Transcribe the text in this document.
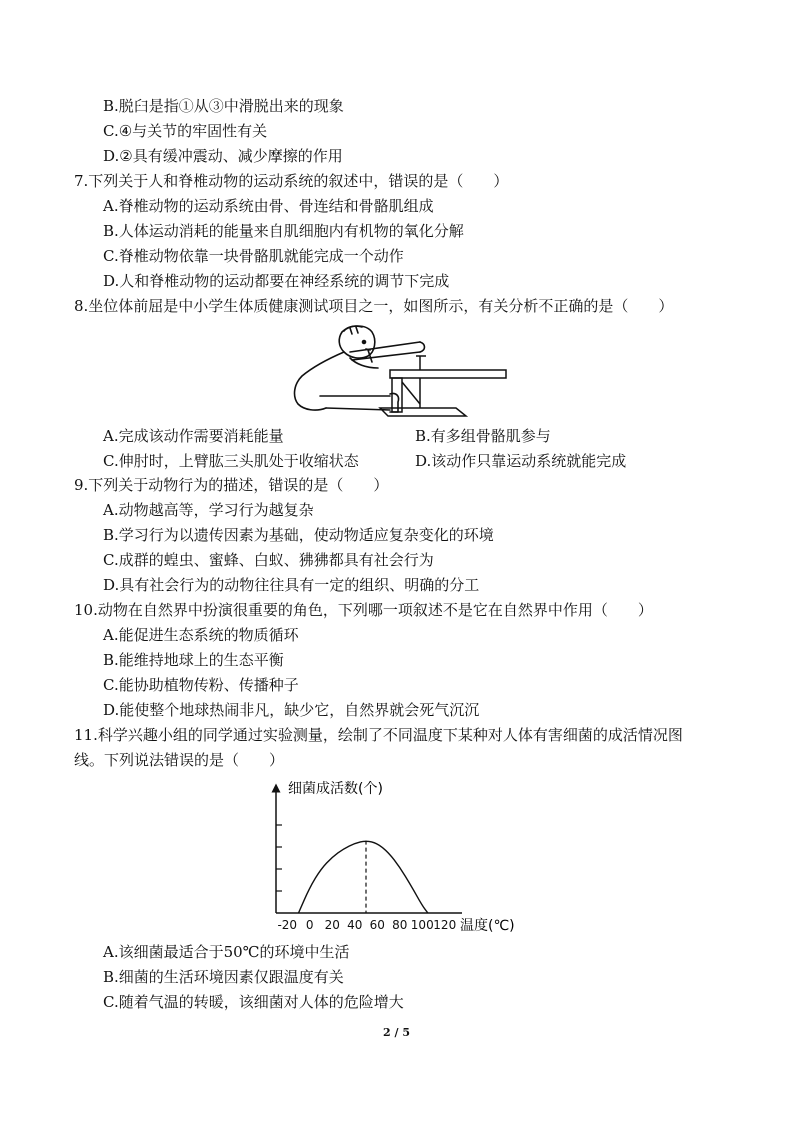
B.脱臼是指①从③中滑脱出来的现象
C.④与关节的牢固性有关
D.②具有缓冲震动、减少摩擦的作用
7.下列关于人和脊椎动物的运动系统的叙述中，错误的是（　　）
A.脊椎动物的运动系统由骨、骨连结和骨骼肌组成
B.人体运动消耗的能量来自肌细胞内有机物的氧化分解
C.脊椎动物依靠一块骨骼肌就能完成一个动作
D.人和脊椎动物的运动都要在神经系统的调节下完成
8.坐位体前屈是中小学生体质健康测试项目之一，如图所示，有关分析不正确的是（　　）
A.完成该动作需要消耗能量	B.有多组骨骼肌参与
C.伸肘时，上臂肱三头肌处于收缩状态	D.该动作只靠运动系统就能完成
9.下列关于动物行为的描述，错误的是（　　）
A.动物越高等，学习行为越复杂
B.学习行为以遗传因素为基础，使动物适应复杂变化的环境
C.成群的蝗虫、蜜蜂、白蚁、狒狒都具有社会行为
D.具有社会行为的动物往往具有一定的组织、明确的分工
10.动物在自然界中扮演很重要的角色，下列哪一项叙述不是它在自然界中作用（　　）
A.能促进生态系统的物质循环
B.能维持地球上的生态平衡
C.能协助植物传粉、传播种子
D.能使整个地球热闹非凡，缺少它，自然界就会死气沉沉
11.科学兴趣小组的同学通过实验测量，绘制了不同温度下某种对人体有害细菌的成活情况图
线。下列说法错误的是（　　）
-20 0 20 40 60 80 100 120
细菌成活数(个)
温度(℃)
A.该细菌最适合于50℃的环境中生活
B.细菌的生活环境因素仅跟温度有关
C.随着气温的转暖，该细菌对人体的危险增大
2 / 5
